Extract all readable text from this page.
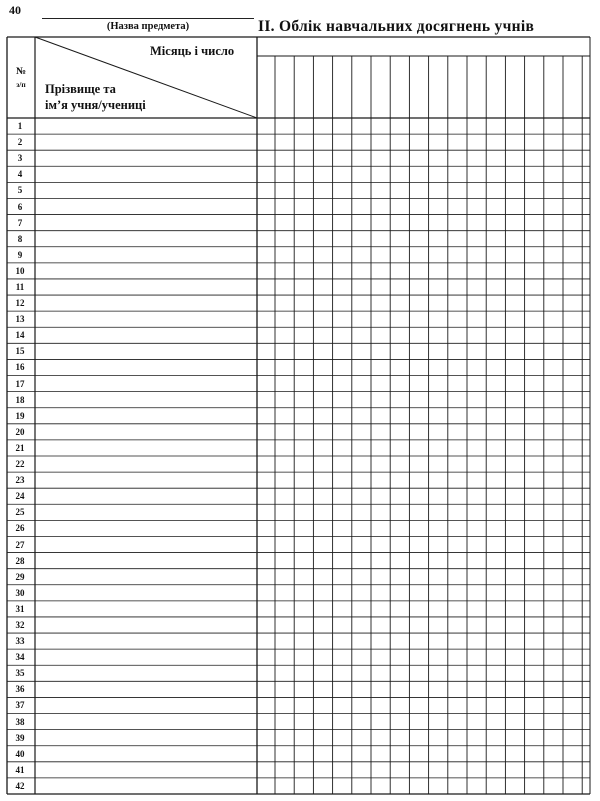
40
(Назва предмета)	ІІ. Облік навчальних досягнень учнів
Місяць і число
Прізвище та
ім’я учня/учениці
№
з/п
1
2
3
4
5
6
7
8
9
10
11
12
13
14
15
16
17
18
19
20
21
22
23
24
25
26
27
28
29
30
31
32
33
34
35
36
37
38
39
40
41
42
